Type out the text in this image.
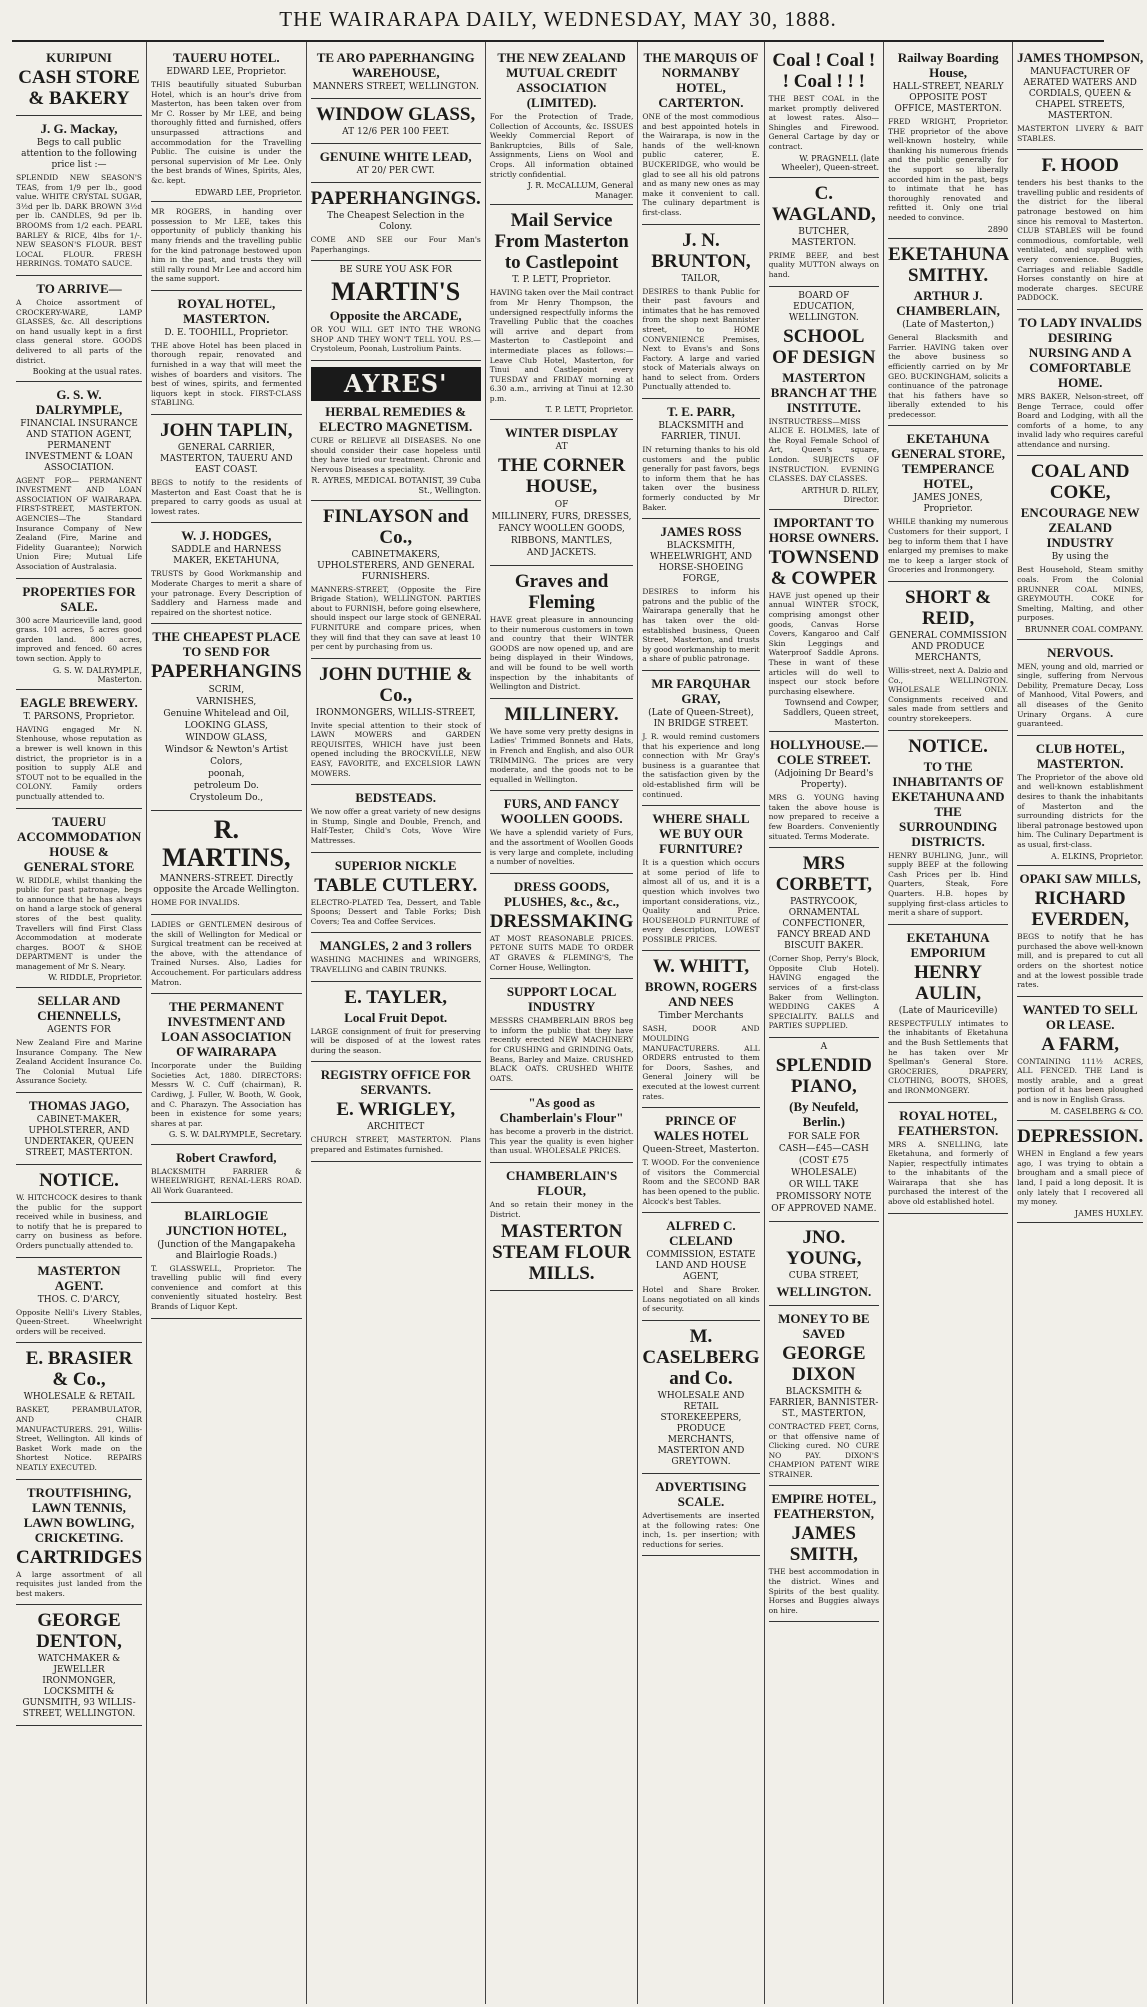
THE WAIRARAPA DAILY, WEDNESDAY, MAY 30, 1888.
KURIPUNI
CASH STORE & BAKERY
J. G. Mackay,
Begs to call public attention to the following price list :—
SPLENDID NEW SEASON'S TEAS, from 1/9 per lb., good value. WHITE CRYSTAL SUGAR, 3½d per lb. DARK BROWN 3½d per lb. CANDLES, 9d per lb. BROOMS from 1/2 each. PEARL BARLEY & RICE, 4lbs for 1/-. NEW SEASON'S FLOUR. BEST LOCAL FLOUR. FRESH HERRINGS. TOMATO SAUCE.
TO ARRIVE—
A Choice assortment of CROCKERY-WARE, LAMP GLASSES, &c. All descriptions on hand usually kept in a first class general store. GOODS delivered to all parts of the district.
Booking at the usual rates.
G. S. W. DALRYMPLE,
FINANCIAL INSURANCE AND STATION AGENT, PERMANENT INVESTMENT & LOAN ASSOCIATION.
AGENT FOR— PERMANENT INVESTMENT AND LOAN ASSOCIATION OF WAIRARAPA. FIRST-STREET, MASTERTON. AGENCIES—The Standard Insurance Company of New Zealand (Fire, Marine and Fidelity Guarantee); Norwich Union Fire; Mutual Life Association of Australasia.
PROPERTIES FOR SALE.
300 acre Mauriceville land, good grass. 101 acres, 5 acres good garden land. 800 acres, improved and fenced. 60 acres town section. Apply to
G. S. W. DALRYMPLE, Masterton.
EAGLE BREWERY.
T. PARSONS, Proprietor.
HAVING engaged Mr N. Stenhouse, whose reputation as a brewer is well known in this district, the proprietor is in a position to supply ALE and STOUT not to be equalled in the COLONY. Family orders punctually attended to.
TAUERU ACCOMMODATION HOUSE & GENERAL STORE
W. RIDDLE, whilst thanking the public for past patronage, begs to announce that he has always on hand a large stock of general stores of the best quality. Travellers will find First Class Accommodation at moderate charges. BOOT & SHOE DEPARTMENT is under the management of Mr S. Neary.
W. RIDDLE, Proprietor.
SELLAR AND CHENNELLS,
AGENTS FOR
New Zealand Fire and Marine Insurance Company. The New Zealand Accident Insurance Co. The Colonial Mutual Life Assurance Society.
THOMAS JAGO,
CABINET-MAKER, UPHOLSTERER, AND UNDERTAKER, QUEEN STREET, MASTERTON.
NOTICE.
W. HITCHCOCK desires to thank the public for the support received while in business, and to notify that he is prepared to carry on business as before. Orders punctually attended to.
MASTERTON AGENT.
THOS. C. D'ARCY,
Opposite Nelli's Livery Stables, Queen-Street. Wheelwright orders will be received.
E. BRASIER & Co.,
WHOLESALE & RETAIL
BASKET, PERAMBULATOR, AND CHAIR MANUFACTURERS. 291, Willis-Street, Wellington. All kinds of Basket Work made on the Shortest Notice. REPAIRS NEATLY EXECUTED.
TROUTFISHING, LAWN TENNIS, LAWN BOWLING, CRICKETING.
CARTRIDGES
A large assortment of all requisites just landed from the best makers.
GEORGE DENTON,
WATCHMAKER & JEWELLER IRONMONGER, LOCKSMITH & GUNSMITH, 93 WILLIS-STREET, WELLINGTON.
TAUERU HOTEL.
EDWARD LEE, Proprietor.
THIS beautifully situated Suburban Hotel, which is an hour's drive from Masterton, has been taken over from Mr C. Rosser by Mr LEE, and being thoroughly fitted and furnished, offers unsurpassed attractions and accommodation for the Travelling Public. The cuisine is under the personal supervision of Mr Lee. Only the best brands of Wines, Spirits, Ales, &c. kept.
EDWARD LEE, Proprietor.
MR ROGERS, in handing over possession to Mr LEE, takes this opportunity of publicly thanking his many friends and the travelling public for the kind patronage bestowed upon him in the past, and trusts they will still rally round Mr Lee and accord him the same support.
ROYAL HOTEL, MASTERTON.
D. E. TOOHILL, Proprietor.
THE above Hotel has been placed in thorough repair, renovated and furnished in a way that will meet the wishes of boarders and visitors. The best of wines, spirits, and fermented liquors kept in stock. FIRST-CLASS STABLING.
JOHN TAPLIN,
GENERAL CARRIER, MASTERTON, TAUERU AND EAST COAST.
BEGS to notify to the residents of Masterton and East Coast that he is prepared to carry goods as usual at lowest rates.
W. J. HODGES,
SADDLE and HARNESS MAKER, EKETAHUNA,
TRUSTS by Good Workmanship and Moderate Charges to merit a share of your patronage. Every Description of Saddlery and Harness made and repaired on the shortest notice.
THE CHEAPEST PLACE TO SEND FOR
PAPERHANGINS
SCRIM,
VARNISHES,
Genuine Whitelead and Oil,
LOOKING GLASS,
WINDOW GLASS,
Windsor & Newton's Artist Colors,
poonah,
petroleum Do.
Crystoleum Do.,
R. MARTINS,
MANNERS-STREET. Directly opposite the Arcade Wellington.
HOME FOR INVALIDS.
LADIES or GENTLEMEN desirous of the skill of Wellington for Medical or Surgical treatment can be received at the above, with the attendance of Trained Nurses. Also, Ladies for Accouchement. For particulars address Matron.
THE PERMANENT INVESTMENT AND LOAN ASSOCIATION OF WAIRARAPA
Incorporate under the Building Societies Act, 1880. DIRECTORS: Messrs W. C. Cuff (chairman), R. Cardiwg, J. Fuller, W. Booth, W. Gook, and C. Pharazyn. The Association has been in existence for some years; shares at par.
G. S. W. DALRYMPLE, Secretary.
Robert Crawford,
BLACKSMITH FARRIER & WHEELWRIGHT, RENAL-LERS ROAD. All Work Guaranteed.
BLAIRLOGIE JUNCTION HOTEL,
(Junction of the Mangapakeha and Blairlogie Roads.)
T. GLASSWELL, Proprietor. The travelling public will find every convenience and comfort at this conveniently situated hostelry. Best Brands of Liquor Kept.
TE ARO PAPERHANGING WAREHOUSE,
MANNERS STREET, WELLINGTON.
WINDOW GLASS,
AT 12/6 PER 100 FEET.
GENUINE WHITE LEAD,
AT 20/ PER CWT.
PAPERHANGINGS.
The Cheapest Selection in the Colony.
COME AND SEE our Four Man's Paperhangings.
BE SURE YOU ASK FOR
MARTIN'S
Opposite the ARCADE,
OR YOU WILL GET INTO THE WRONG SHOP AND THEY WON'T TELL YOU. P.S.—Crystoleum, Poonah, Lustrolium Paints.
AYRES'
HERBAL REMEDIES & ELECTRO MAGNETISM.
CURE or RELIEVE all DISEASES. No one should consider their case hopeless until they have tried our treatment. Chronic and Nervous Diseases a speciality.
R. AYRES, MEDICAL BOTANIST, 39 Cuba St., Wellington.
FINLAYSON and Co.,
CABINETMAKERS, UPHOLSTERERS, AND GENERAL FURNISHERS.
MANNERS-STREET, (Opposite the Fire Brigade Station), WELLINGTON. PARTIES about to FURNISH, before going elsewhere, should inspect our large stock of GENERAL FURNITURE and compare prices, when they will find that they can save at least 10 per cent by purchasing from us.
JOHN DUTHIE & Co.,
IRONMONGERS, WILLIS-STREET,
Invite special attention to their stock of LAWN MOWERS and GARDEN REQUISITES, WHICH have just been opened including the BROCKVILLE, NEW EASY, FAVORITE, and EXCELSIOR LAWN MOWERS.
BEDSTEADS.
We now offer a great variety of new designs in Stump, Single and Double, French, and Half-Tester, Child's Cots, Wove Wire Mattresses.
SUPERIOR NICKLE
TABLE CUTLERY.
ELECTRO-PLATED Tea, Dessert, and Table Spoons; Dessert and Table Forks; Dish Covers; Tea and Coffee Services.
MANGLES, 2 and 3 rollers
WASHING MACHINES and WRINGERS, TRAVELLING and CABIN TRUNKS.
E. TAYLER,
Local Fruit Depot.
LARGE consignment of fruit for preserving will be disposed of at the lowest rates during the season.
REGISTRY OFFICE FOR SERVANTS.
E. WRIGLEY,
ARCHITECT
CHURCH STREET, MASTERTON. Plans prepared and Estimates furnished.
THE NEW ZEALAND MUTUAL CREDIT ASSOCIATION (LIMITED).
For the Protection of Trade, Collection of Accounts, &c. ISSUES Weekly Commercial Report of Bankruptcies, Bills of Sale, Assignments, Liens on Wool and Crops. All information obtained strictly confidential.
J. R. McCALLUM, General Manager.
Mail Service From Masterton to Castlepoint
T. P. LETT, Proprietor.
HAVING taken over the Mail contract from Mr Henry Thompson, the undersigned respectfully informs the Travelling Public that the coaches will arrive and depart from Masterton to Castlepoint and intermediate places as follows:— Leave Club Hotel, Masterton, for Tinui and Castlepoint every TUESDAY and FRIDAY morning at 6.30 a.m., arriving at Tinui at 12.30 p.m.
T. P. LETT, Proprietor.
WINTER DISPLAY
AT
THE CORNER HOUSE,
OF
MILLINERY, FURS, DRESSES,
FANCY WOOLLEN GOODS,
RIBBONS, MANTLES,
AND JACKETS.
Graves and Fleming
HAVE great pleasure in announcing to their numerous customers in town and country that their WINTER GOODS are now opened up, and are being displayed in their Windows, and will be found to be well worth inspection by the inhabitants of Wellington and District.
MILLINERY.
We have some very pretty designs in Ladies' Trimmed Bonnets and Hats, in French and English, and also OUR TRIMMING. The prices are very moderate, and the goods not to be equalled in Wellington.
FURS, AND FANCY WOOLLEN GOODS.
We have a splendid variety of Furs, and the assortment of Woollen Goods is very large and complete, including a number of novelties.
DRESS GOODS, PLUSHES, &c., &c.,
DRESSMAKING
AT MOST REASONABLE PRICES. PETONE SUITS MADE TO ORDER AT GRAVES & FLEMING'S, The Corner House, Wellington.
SUPPORT LOCAL INDUSTRY
MESSRS CHAMBERLAIN BROS beg to inform the public that they have recently erected NEW MACHINERY for CRUSHING and GRINDING Oats, Beans, Barley and Maize. CRUSHED BLACK OATS. CRUSHED WHITE OATS.
"As good as Chamberlain's Flour"
has become a proverb in the district. This year the quality is even higher than usual. WHOLESALE PRICES.
CHAMBERLAIN'S FLOUR,
And so retain their money in the District.
MASTERTON STEAM FLOUR MILLS.
THE MARQUIS OF NORMANBY HOTEL, CARTERTON.
ONE of the most commodious and best appointed hotels in the Wairarapa, is now in the hands of the well-known public caterer, E. BUCKERIDGE, who would be glad to see all his old patrons and as many new ones as may make it convenient to call. The culinary department is first-class.
J. N. BRUNTON,
TAILOR,
DESIRES to thank Public for their past favours and intimates that he has removed from the shop next Bannister street, to HOME CONVENIENCE Premises, Next to Evans's and Sons Factory. A large and varied stock of Materials always on hand to select from. Orders Punctually attended to.
T. E. PARR,
BLACKSMITH and FARRIER, TINUI.
IN returning thanks to his old customers and the public generally for past favors, begs to inform them that he has taken over the business formerly conducted by Mr Baker.
JAMES ROSS
BLACKSMITH, WHEELWRIGHT, AND HORSE-SHOEING FORGE,
DESIRES to inform his patrons and the public of the Wairarapa generally that he has taken over the old-established business, Queen Street, Masterton, and trusts by good workmanship to merit a share of public patronage.
MR FARQUHAR GRAY,
(Late of Queen-Street), IN BRIDGE STREET.
J. R. would remind customers that his experience and long connection with Mr Gray's business is a guarantee that the satisfaction given by the old-established firm will be continued.
WHERE SHALL WE BUY OUR FURNITURE?
It is a question which occurs at some period of life to almost all of us, and it is a question which involves two important considerations, viz., Quality and Price. HOUSEHOLD FURNITURE of every description, LOWEST POSSIBLE PRICES.
W. WHITT,
BROWN, ROGERS AND NEES
Timber Merchants
SASH, DOOR AND MOULDING MANUFACTURERS. ALL ORDERS entrusted to them for Doors, Sashes, and General Joinery will be executed at the lowest current rates.
PRINCE OF WALES HOTEL
Queen-Street, Masterton.
T. WOOD. For the convenience of visitors the Commercial Room and the SECOND BAR has been opened to the public. Alcock's best Tables.
ALFRED C. CLELAND
COMMISSION, ESTATE LAND AND HOUSE AGENT,
Hotel and Share Broker. Loans negotiated on all kinds of security.
M. CASELBERG and Co.
WHOLESALE AND RETAIL STOREKEEPERS, PRODUCE MERCHANTS, MASTERTON AND GREYTOWN.
ADVERTISING SCALE.
Advertisements are inserted at the following rates: One inch, 1s. per insertion; with reductions for series.
Coal ! Coal ! ! Coal ! ! !
THE BEST COAL in the market promptly delivered at lowest rates. Also—Shingles and Firewood. General Cartage by day or contract.
W. PRAGNELL (late Wheeler), Queen-street.
C. WAGLAND,
BUTCHER, MASTERTON.
PRIME BEEF, and best quality MUTTON always on hand.
BOARD OF EDUCATION, WELLINGTON.
SCHOOL OF DESIGN
MASTERTON BRANCH AT THE INSTITUTE.
INSTRUCTRESS—MISS ALICE E. HOLMES, late of the Royal Female School of Art, Queen's square, London. SUBJECTS OF INSTRUCTION. EVENING CLASSES. DAY CLASSES.
ARTHUR D. RILEY, Director.
IMPORTANT TO HORSE OWNERS.
TOWNSEND & COWPER
HAVE just opened up their annual WINTER STOCK, comprising amongst other goods, Canvas Horse Covers, Kangaroo and Calf Skin Leggings and Waterproof Saddle Aprons. These in want of these articles will do well to inspect our stock before purchasing elsewhere.
Townsend and Cowper, Saddlers, Queen street, Masterton.
HOLLYHOUSE.—COLE STREET.
(Adjoining Dr Beard's Property).
MRS G. YOUNG having taken the above house is now prepared to receive a few Boarders. Conveniently situated. Terms Moderate.
MRS CORBETT,
PASTRYCOOK, ORNAMENTAL CONFECTIONER, FANCY BREAD AND BISCUIT BAKER.
(Corner Shop, Perry's Block, Opposite Club Hotel). HAVING engaged the services of a first-class Baker from Wellington. WEDDING CAKES A SPECIALITY. BALLS and PARTIES SUPPLIED.
A
SPLENDID PIANO,
(By Neufeld, Berlin.)
FOR SALE FOR
CASH—£45—CASH
(COST £75 WHOLESALE)
OR WILL TAKE PROMISSORY NOTE OF APPROVED NAME.
JNO. YOUNG,
CUBA STREET,
WELLINGTON.
MONEY TO BE SAVED
GEORGE DIXON
BLACKSMITH & FARRIER, BANNISTER-ST., MASTERTON,
CONTRACTED FEET, Corns, or that offensive name of Clicking cured. NO CURE NO PAY. DIXON'S CHAMPION PATENT WIRE STRAINER.
EMPIRE HOTEL, FEATHERSTON,
JAMES SMITH,
THE best accommodation in the district. Wines and Spirits of the best quality. Horses and Buggies always on hire.
Railway Boarding House,
HALL-STREET, NEARLY OPPOSITE POST OFFICE, MASTERTON.
FRED WRIGHT, Proprietor. THE proprietor of the above well-known hostelry, while thanking his numerous friends and the public generally for the support so liberally accorded him in the past, begs to intimate that he has thoroughly renovated and refitted it. Only one trial needed to convince.
2890
EKETAHUNA SMITHY.
ARTHUR J. CHAMBERLAIN,
(Late of Masterton,)
General Blacksmith and Farrier. HAVING taken over the above business so efficiently carried on by Mr GEO. BUCKINGHAM, solicits a continuance of the patronage that his fathers have so liberally extended to his predecessor.
EKETAHUNA GENERAL STORE, TEMPERANCE HOTEL,
JAMES JONES, Proprietor.
WHILE thanking my numerous Customers for their support, I beg to inform them that I have enlarged my premises to make me to keep a larger stock of Groceries and Ironmongery.
SHORT & REID,
GENERAL COMMISSION AND PRODUCE MERCHANTS,
Willis-street, next A. Dalzio and Co., WELLINGTON. WHOLESALE ONLY. Consignments received and sales made from settlers and country storekeepers.
NOTICE.
TO THE INHABITANTS OF EKETAHUNA AND THE SURROUNDING DISTRICTS.
HENRY BUHLING, Junr., will supply BEEF at the following Cash Prices per lb. Hind Quarters, Steak, Fore Quarters. H.B. hopes by supplying first-class articles to merit a share of support.
EKETAHUNA EMPORIUM
HENRY AULIN,
(Late of Mauriceville)
RESPECTFULLY intimates to the inhabitants of Eketahuna and the Bush Settlements that he has taken over Mr Spellman's General Store. GROCERIES, DRAPERY, CLOTHING, BOOTS, SHOES, and IRONMONGERY.
ROYAL HOTEL, FEATHERSTON.
MRS A. SNELLING, late Eketahuna, and formerly of Napier, respectfully intimates to the inhabitants of the Wairarapa that she has purchased the interest of the above old established hotel.
JAMES THOMPSON,
MANUFACTURER OF AERATED WATERS AND CORDIALS, QUEEN & CHAPEL STREETS, MASTERTON.
MASTERTON LIVERY & BAIT STABLES.
F. HOOD
tenders his best thanks to the travelling public and residents of the district for the liberal patronage bestowed on him since his removal to Masterton. CLUB STABLES will be found commodious, comfortable, well ventilated, and supplied with every convenience. Buggies, Carriages and reliable Saddle Horses constantly on hire at moderate charges. SECURE PADDOCK.
TO LADY INVALIDS DESIRING NURSING AND A COMFORTABLE HOME.
MRS BAKER, Nelson-street, off Benge Terrace, could offer Board and Lodging, with all the comforts of a home, to any invalid lady who requires careful attendance and nursing.
COAL AND COKE,
ENCOURAGE NEW ZEALAND INDUSTRY
By using the
Best Household, Steam smithy coals. From the Colonial BRUNNER COAL MINES, GREYMOUTH. COKE for Smelting, Malting, and other purposes.
BRUNNER COAL COMPANY.
NERVOUS.
MEN, young and old, married or single, suffering from Nervous Debility, Premature Decay, Loss of Manhood, Vital Powers, and all diseases of the Genito Urinary Organs. A cure guaranteed.
CLUB HOTEL, MASTERTON.
The Proprietor of the above old and well-known establishment desires to thank the inhabitants of Masterton and the surrounding districts for the liberal patronage bestowed upon him. The Culinary Department is as usual, first-class.
A. ELKINS, Proprietor.
OPAKI SAW MILLS,
RICHARD EVERDEN,
BEGS to notify that he has purchased the above well-known mill, and is prepared to cut all orders on the shortest notice and at the lowest possible trade rates.
WANTED TO SELL OR LEASE.
A FARM,
CONTAINING 111½ ACRES, ALL FENCED. THE Land is mostly arable, and a great portion of it has been ploughed and is now in English Grass.
M. CASELBERG & CO.
DEPRESSION.
WHEN in England a few years ago, I was trying to obtain a brougham and a small piece of land, I paid a long deposit. It is only lately that I recovered all my money.
JAMES HUXLEY.
